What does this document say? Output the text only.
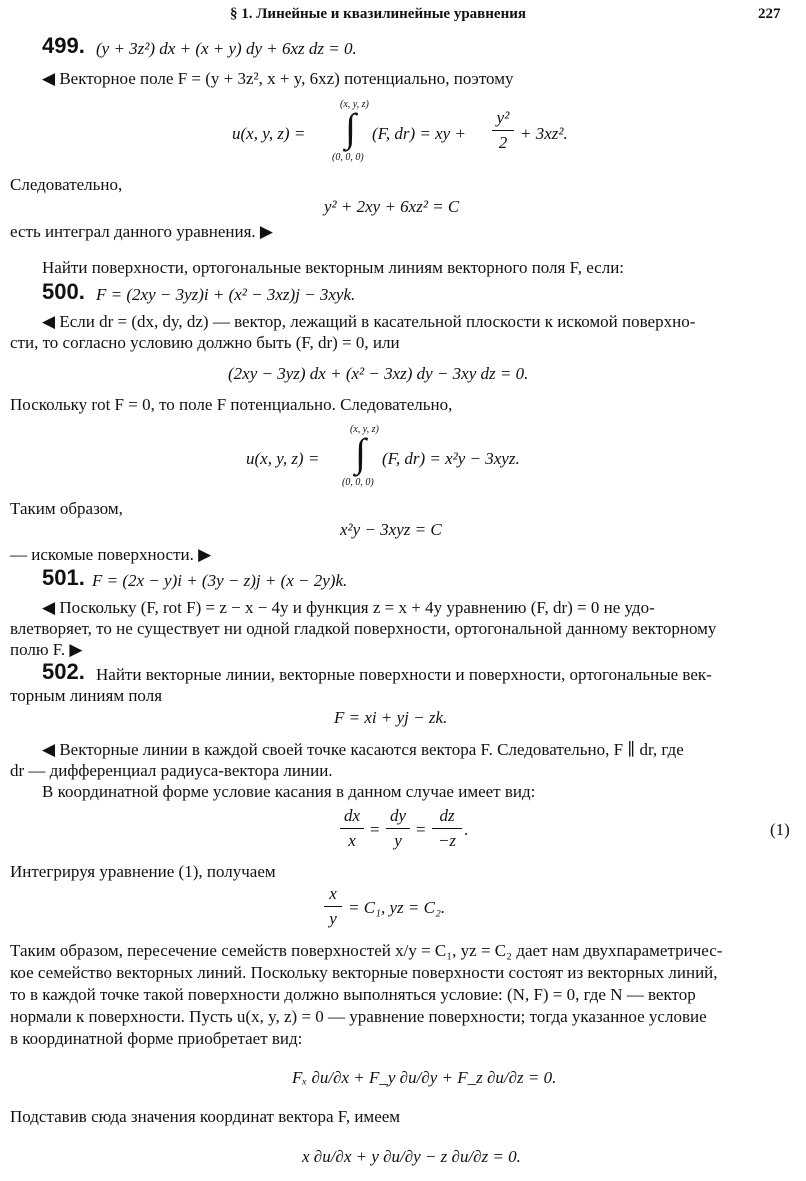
§ 1. Линейные и квазилинейные уравнения	227
499. (y + 3z²) dx + (x + y) dy + 6xz dz = 0.
◀ Векторное поле F = (y + 3z², x + y, 6xz) потенциально, поэтому
(x, y, z)
∫
(0, 0, 0)
u(x, y, z) =	(F, dr) = xy +
y²
2 + 3xz².
Следовательно,
y² + 2xy + 6xz² = C
есть интеграл данного уравнения. ▶
Найти поверхности, ортогональные векторным линиям векторного поля F, если:
500. F = (2xy − 3yz)i + (x² − 3xz)j − 3xyk.
◀ Если dr = (dx, dy, dz) — вектор, лежащий в касательной плоскости к искомой поверхно-
сти, то согласно условию должно быть (F, dr) = 0, или
(2xy − 3yz) dx + (x² − 3xz) dy − 3xy dz = 0.
Поскольку rot F = 0, то поле F потенциально. Следовательно,
(x, y, z)
∫
(0, 0, 0)
u(x, y, z) =	(F, dr) = x²y − 3xyz.
Таким образом,
x²y − 3xyz = C
— искомые поверхности. ▶
501. F = (2x − y)i + (3y − z)j + (x − 2y)k.
◀ Поскольку (F, rot F) = z − x − 4y и функция z = x + 4y уравнению (F, dr) = 0 не удо-
влетворяет, то не существует ни одной гладкой поверхности, ортогональной данному векторному
полю F. ▶
502. Найти векторные линии, векторные поверхности и поверхности, ортогональные век-
торным линиям поля
F = xi + yj − zk.
◀ Векторные линии в каждой своей точке касаются вектора F. Следовательно, F ∥ dr, где
dr — дифференциал радиуса-вектора линии.
В координатной форме условие касания в данном случае имеет вид:
dx
x
=
dy
y
=
dz
−z
.	(1)
Интегрируя уравнение (1), получаем
x
y
= C₁, yz = C₂.
Таким образом, пересечение семейств поверхностей x/y = C₁, yz = C₂ дает нам двухпараметричес-
кое семейство векторных линий. Поскольку векторные поверхности состоят из векторных линий,
то в каждой точке такой поверхности должно выполняться условие: (N, F) = 0, где N — вектор
нормали к поверхности. Пусть u(x, y, z) = 0 — уравнение поверхности; тогда указанное условие
в координатной форме приобретает вид:
Fₓ ∂u/∂x + F_y ∂u/∂y + F_z ∂u/∂z = 0.
Подставив сюда значения координат вектора F, имеем
x ∂u/∂x + y ∂u/∂y − z ∂u/∂z = 0.
